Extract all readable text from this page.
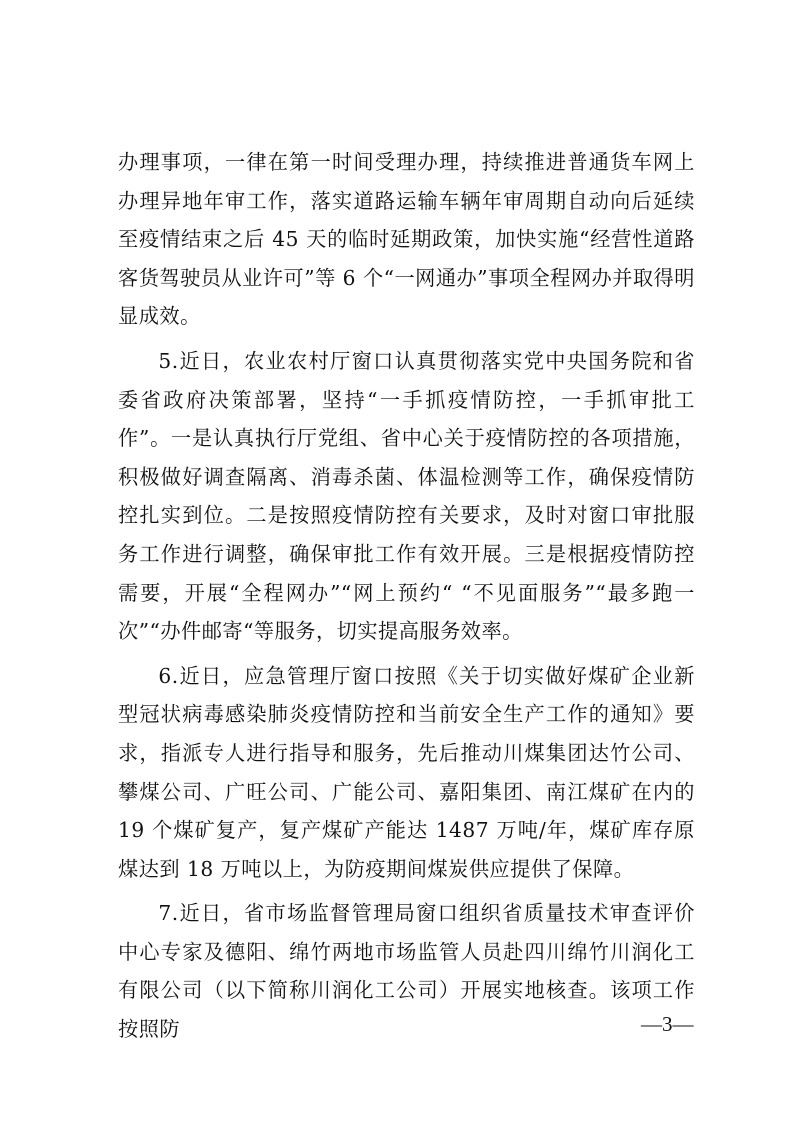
办理事项，一律在第一时间受理办理，持续推进普通货车网上办理异地年审工作，落实道路运输车辆年审周期自动向后延续至疫情结束之后 45 天的临时延期政策，加快实施“经营性道路客货驾驶员从业许可”等 6 个“一网通办”事项全程网办并取得明显成效。

5.近日，农业农村厅窗口认真贯彻落实党中央国务院和省委省政府决策部署，坚持“一手抓疫情防控，一手抓审批工作”。一是认真执行厅党组、省中心关于疫情防控的各项措施，积极做好调查隔离、消毒杀菌、体温检测等工作，确保疫情防控扎实到位。二是按照疫情防控有关要求，及时对窗口审批服务工作进行调整，确保审批工作有效开展。三是根据疫情防控需要，开展“全程网办”“网上预约“ “不见面服务”“最多跑一次”“办件邮寄“等服务，切实提高服务效率。

6.近日，应急管理厅窗口按照《关于切实做好煤矿企业新型冠状病毒感染肺炎疫情防控和当前安全生产工作的通知》要求，指派专人进行指导和服务，先后推动川煤集团达竹公司、攀煤公司、广旺公司、广能公司、嘉阳集团、南江煤矿在内的 19 个煤矿复产，复产煤矿产能达 1487 万吨/年，煤矿库存原煤达到 18 万吨以上，为防疫期间煤炭供应提供了保障。

7.近日，省市场监督管理局窗口组织省质量技术审查评价中心专家及德阳、绵竹两地市场监管人员赴四川绵竹川润化工有限公司（以下简称川润化工公司）开展实地核查。该项工作按照防	—3—
